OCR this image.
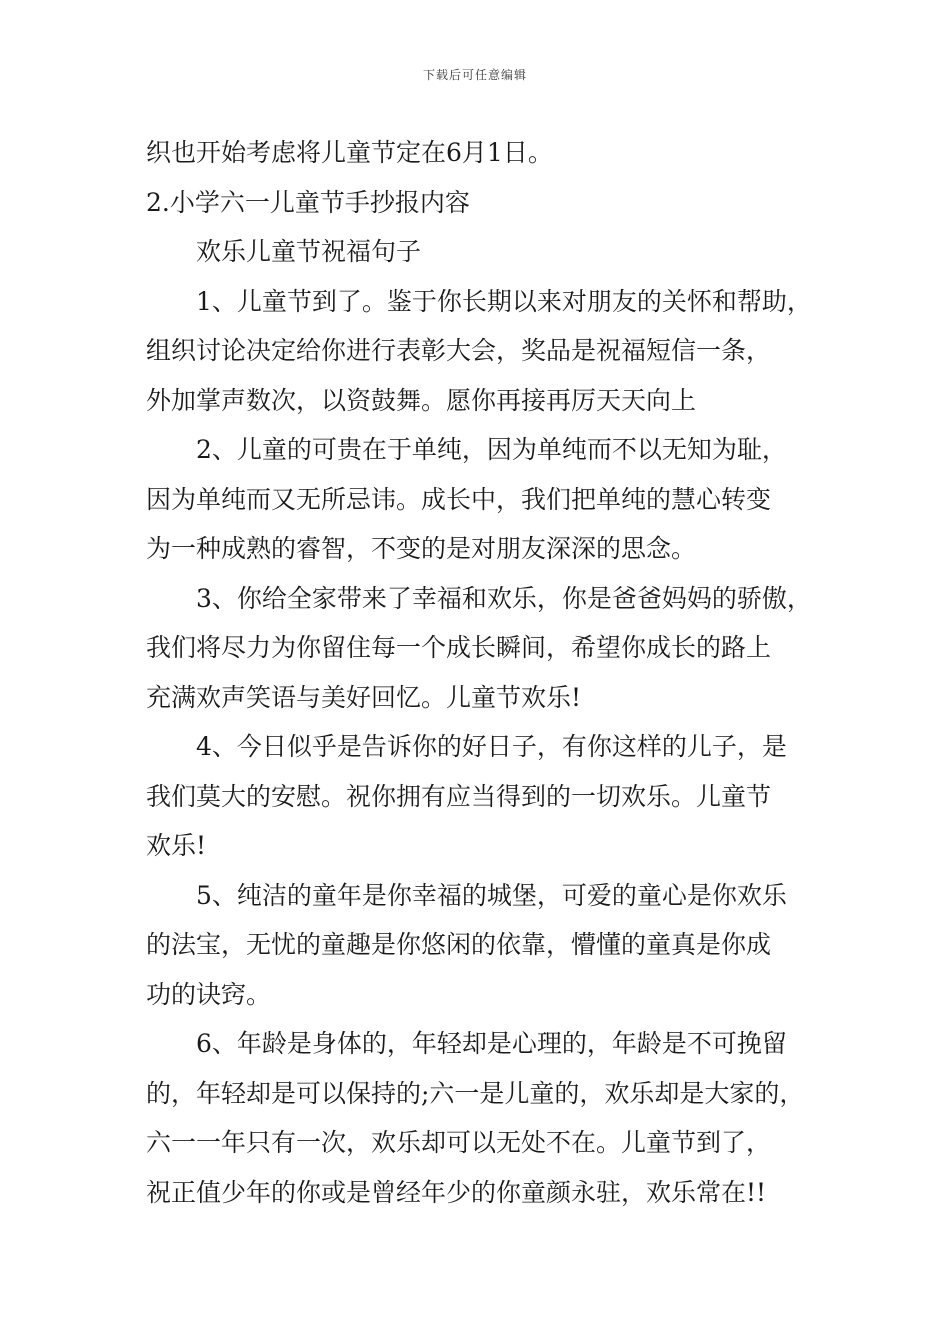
下载后可任意编辑
织也开始考虑将儿童节定在6月1日。
2.小学六一儿童节手抄报内容
欢乐儿童节祝福句子
1、儿童节到了。鉴于你长期以来对朋友的关怀和帮助，
组织讨论决定给你进行表彰大会，奖品是祝福短信一条，
外加掌声数次，以资鼓舞。愿你再接再厉天天向上
2、儿童的可贵在于单纯，因为单纯而不以无知为耻，
因为单纯而又无所忌讳。成长中，我们把单纯的慧心转变
为一种成熟的睿智，不变的是对朋友深深的思念。
3、你给全家带来了幸福和欢乐，你是爸爸妈妈的骄傲，
我们将尽力为你留住每一个成长瞬间，希望你成长的路上
充满欢声笑语与美好回忆。儿童节欢乐!
4、今日似乎是告诉你的好日子，有你这样的儿子，是
我们莫大的安慰。祝你拥有应当得到的一切欢乐。儿童节
欢乐!
5、纯洁的童年是你幸福的城堡，可爱的童心是你欢乐
的法宝，无忧的童趣是你悠闲的依靠，懵懂的童真是你成
功的诀窍。
6、年龄是身体的，年轻却是心理的，年龄是不可挽留
的，年轻却是可以保持的;六一是儿童的，欢乐却是大家的，
六一一年只有一次，欢乐却可以无处不在。儿童节到了，
祝正值少年的你或是曾经年少的你童颜永驻，欢乐常在!!
